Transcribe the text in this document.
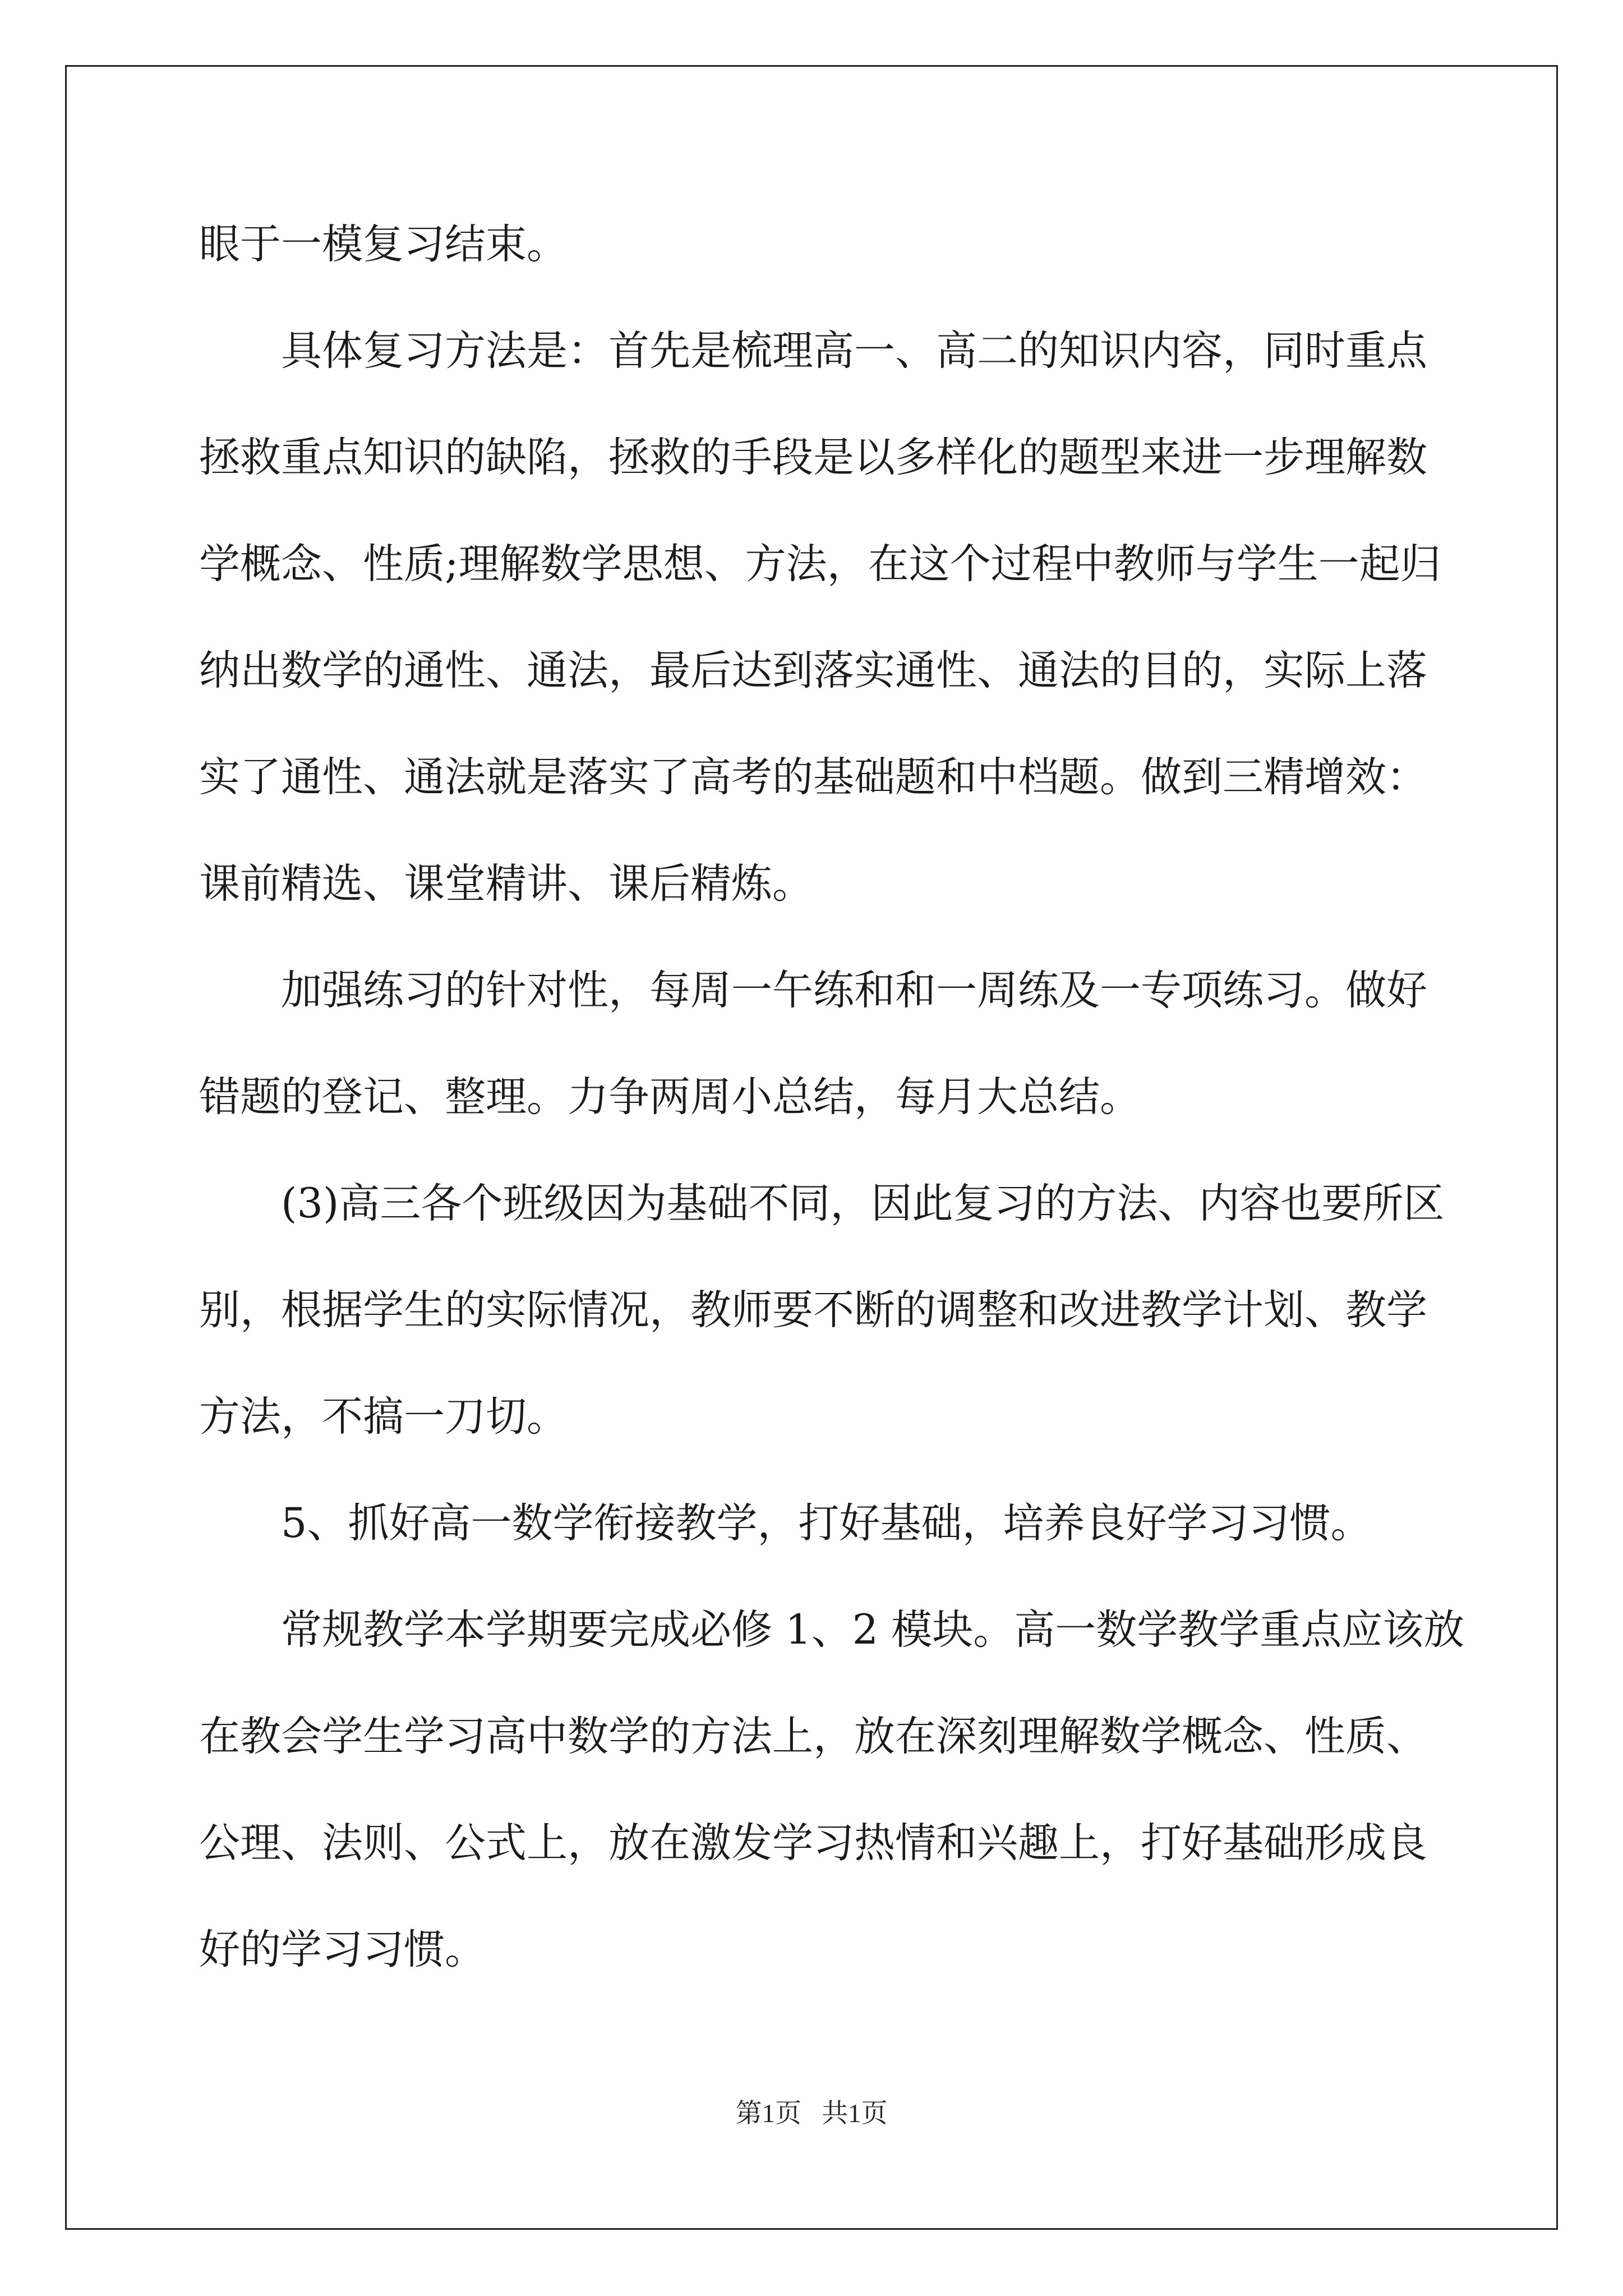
眼于一模复习结束。
具体复习方法是：首先是梳理高一、高二的知识内容，同时重点
拯救重点知识的缺陷，拯救的手段是以多样化的题型来进一步理解数
学概念、性质;理解数学思想、方法，在这个过程中教师与学生一起归
纳出数学的通性、通法，最后达到落实通性、通法的目的，实际上落
实了通性、通法就是落实了高考的基础题和中档题。做到三精增效：
课前精选、课堂精讲、课后精炼。
加强练习的针对性，每周一午练和和一周练及一专项练习。做好
错题的登记、整理。力争两周小总结，每月大总结。
(3)高三各个班级因为基础不同，因此复习的方法、内容也要所区
别，根据学生的实际情况，教师要不断的调整和改进教学计划、教学
方法，不搞一刀切。
5、抓好高一数学衔接教学，打好基础，培养良好学习习惯。
常规教学本学期要完成必修 1、2 模块。高一数学教学重点应该放
在教会学生学习高中数学的方法上，放在深刻理解数学概念、性质、
公理、法则、公式上，放在激发学习热情和兴趣上，打好基础形成良
好的学习习惯。
第1页 共1页
